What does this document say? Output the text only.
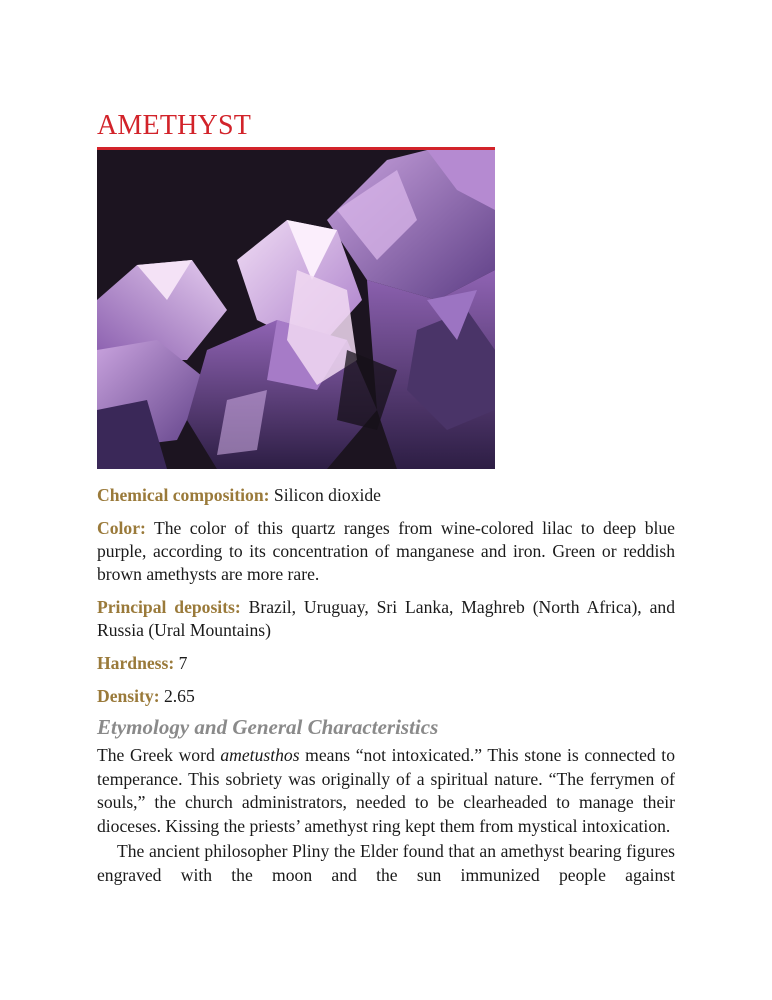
AMETHYST

Chemical composition: Silicon dioxide

Color: The color of this quartz ranges from wine-colored lilac to deep blue purple, according to its concentration of manganese and iron. Green or reddish brown amethysts are more rare.

Principal deposits: Brazil, Uruguay, Sri Lanka, Maghreb (North Africa), and Russia (Ural Mountains)

Hardness: 7

Density: 2.65

Etymology and General Characteristics

The Greek word ametusthos means “not intoxicated.” This stone is connected to temperance. This sobriety was originally of a spiritual nature. “The ferrymen of souls,” the church administrators, needed to be clearheaded to manage their dioceses. Kissing the priests’ amethyst ring kept them from mystical intoxication.

The ancient philosopher Pliny the Elder found that an amethyst bearing figures engraved with the moon and the sun immunized people against
